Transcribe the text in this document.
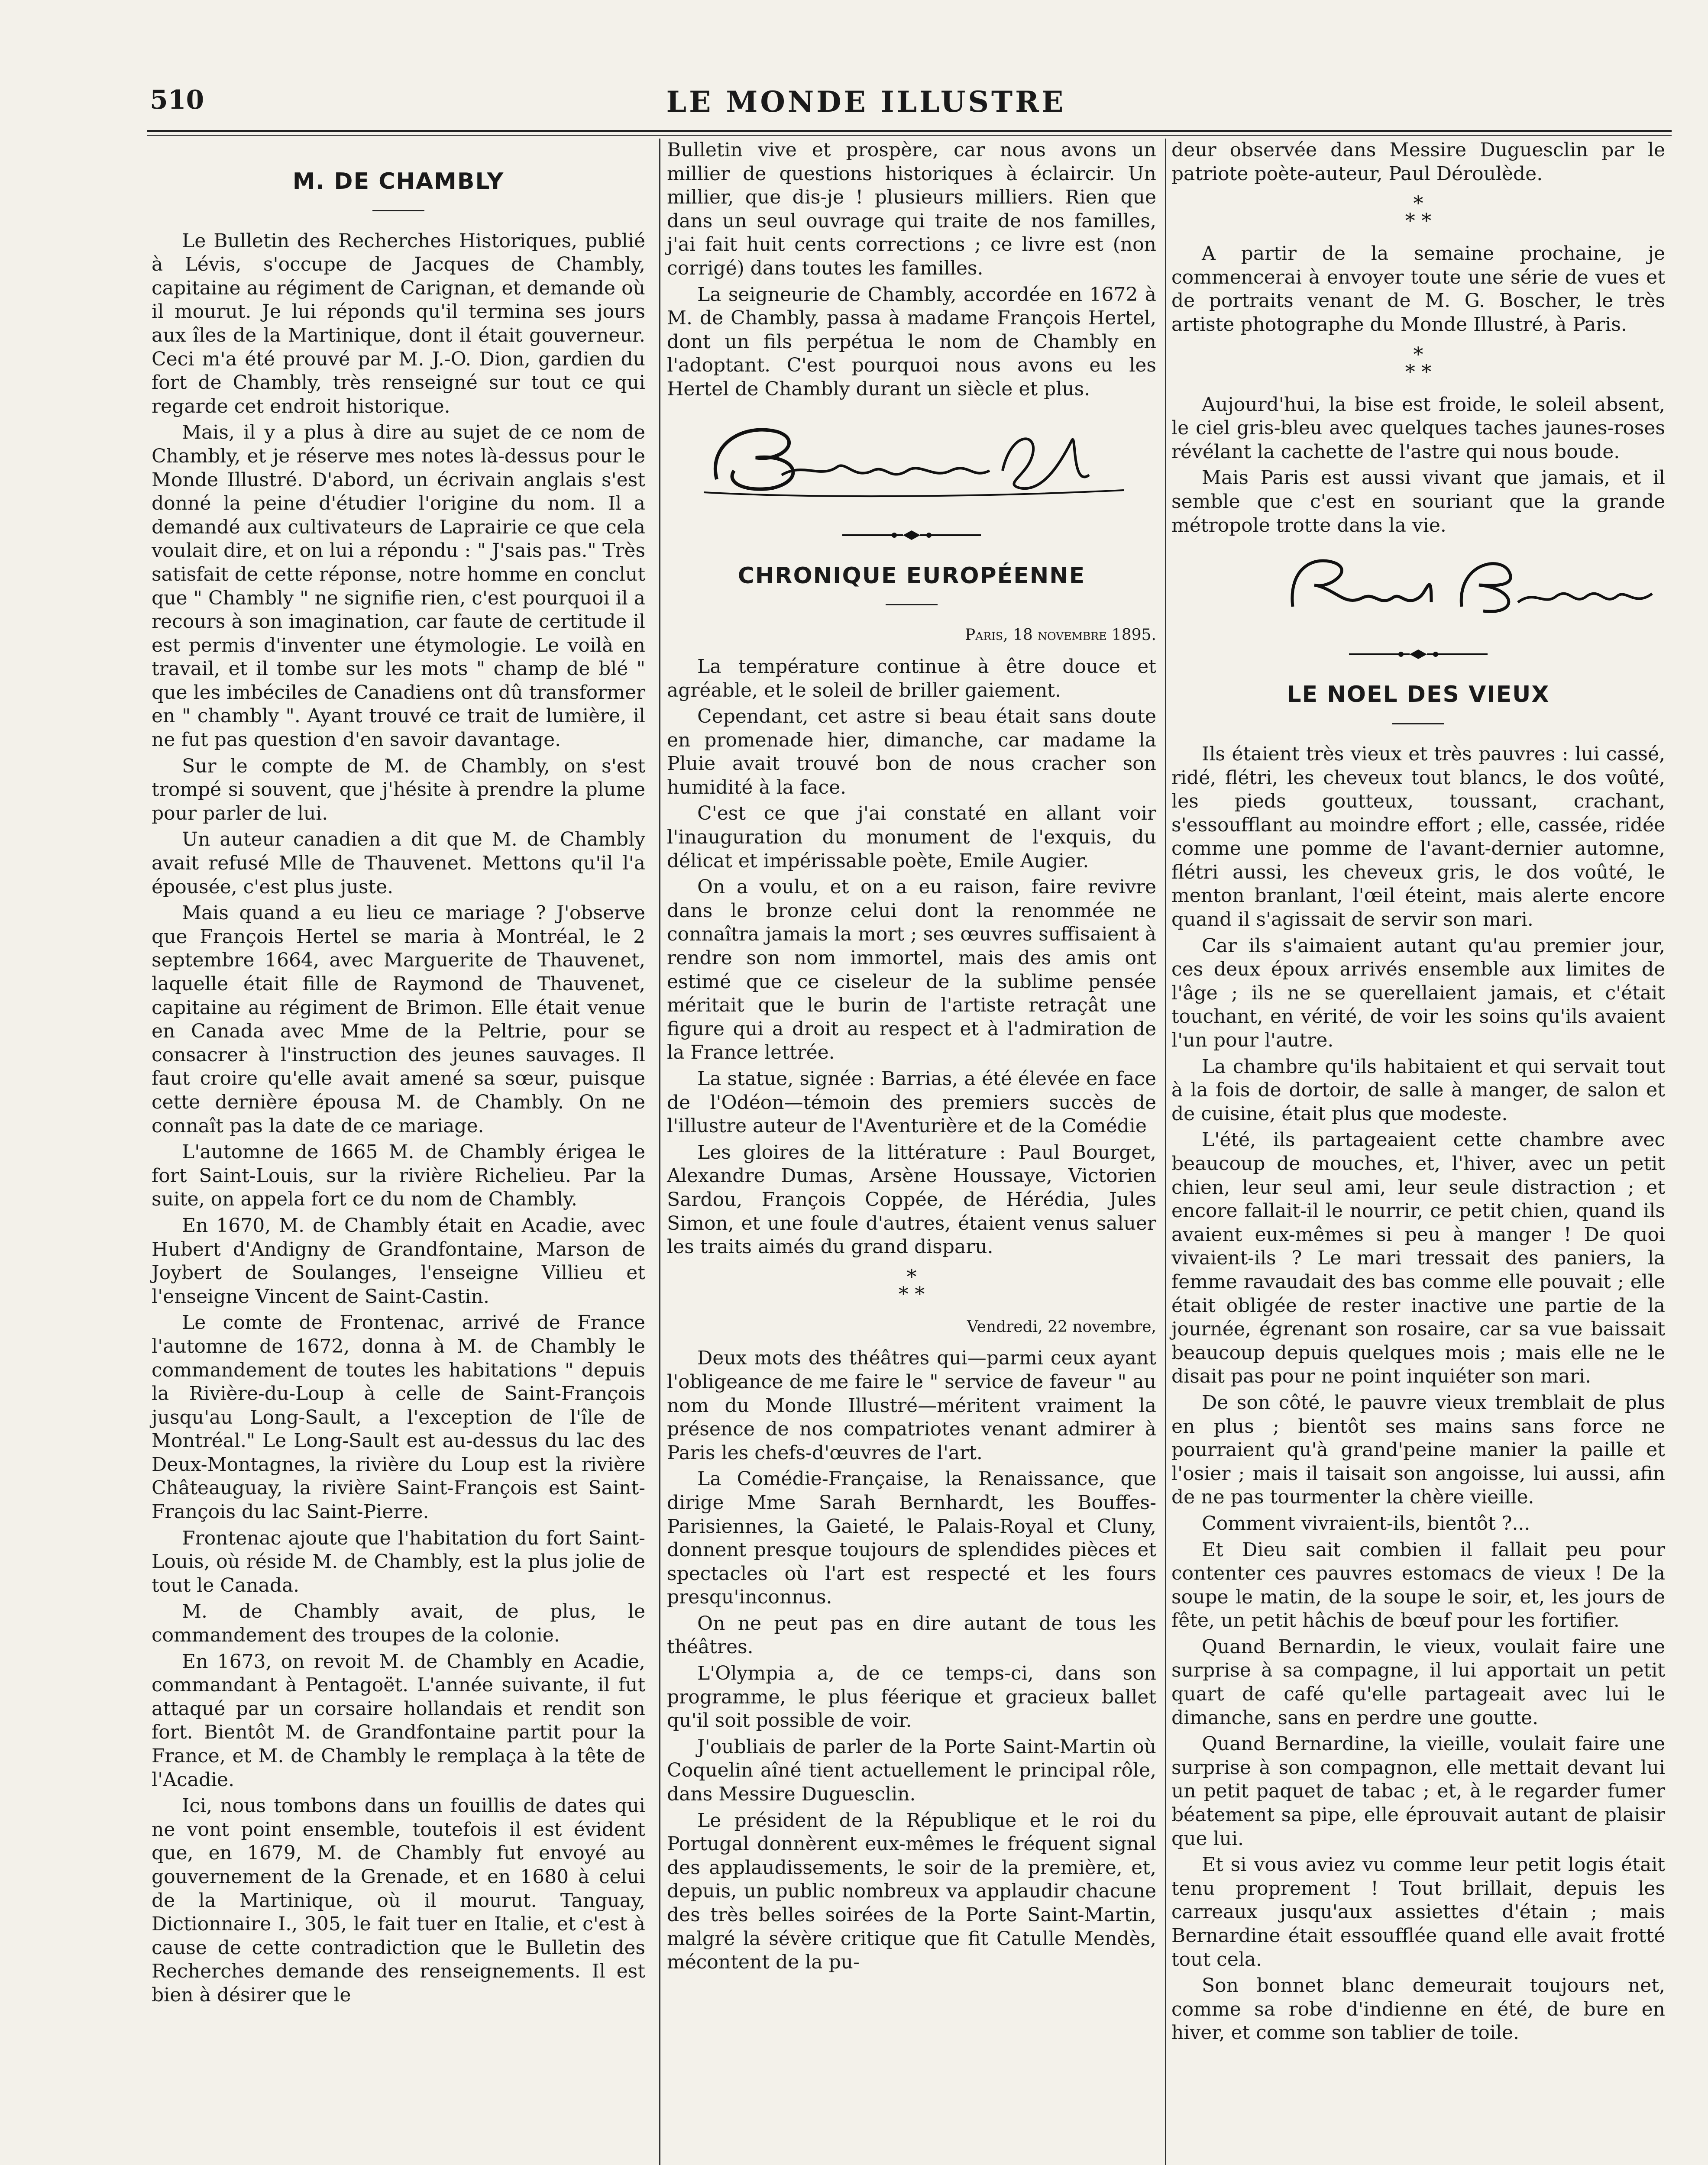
510	LE MONDE ILLUSTRE
M. DE CHAMBLY

Le Bulletin des Recherches Historiques, publié à Lévis, s'occupe de Jacques de Chambly, capitaine au régiment de Carignan, et demande où il mourut. Je lui réponds qu'il termina ses jours aux îles de la Martinique, dont il était gouverneur. Ceci m'a été prouvé par M. J.-O. Dion, gardien du fort de Chambly, très renseigné sur tout ce qui regarde cet endroit historique.

Mais, il y a plus à dire au sujet de ce nom de Chambly, et je réserve mes notes là-dessus pour le Monde Illustré. D'abord, un écrivain anglais s'est donné la peine d'étudier l'origine du nom. Il a demandé aux cultivateurs de Laprairie ce que cela voulait dire, et on lui a répondu : " J'sais pas." Très satisfait de cette réponse, notre homme en conclut que " Chambly " ne signifie rien, c'est pourquoi il a recours à son imagination, car faute de certitude il est permis d'inventer une étymologie. Le voilà en travail, et il tombe sur les mots " champ de blé " que les imbéciles de Canadiens ont dû transformer en " chambly ". Ayant trouvé ce trait de lumière, il ne fut pas question d'en savoir davantage.

Sur le compte de M. de Chambly, on s'est trompé si souvent, que j'hésite à prendre la plume pour parler de lui.

Un auteur canadien a dit que M. de Chambly avait refusé Mlle de Thauvenet. Mettons qu'il l'a épousée, c'est plus juste.

Mais quand a eu lieu ce mariage ? J'observe que François Hertel se maria à Montréal, le 2 septembre 1664, avec Marguerite de Thauvenet, laquelle était fille de Raymond de Thauvenet, capitaine au régiment de Brimon. Elle était venue en Canada avec Mme de la Peltrie, pour se consacrer à l'instruction des jeunes sauvages. Il faut croire qu'elle avait amené sa sœur, puisque cette dernière épousa M. de Chambly. On ne connaît pas la date de ce mariage.

L'automne de 1665 M. de Chambly érigea le fort Saint-Louis, sur la rivière Richelieu. Par la suite, on appela fort ce du nom de Chambly.

En 1670, M. de Chambly était en Acadie, avec Hubert d'Andigny de Grandfontaine, Marson de Joybert de Soulanges, l'enseigne Villieu et l'enseigne Vincent de Saint-Castin.

Le comte de Frontenac, arrivé de France l'automne de 1672, donna à M. de Chambly le commandement de toutes les habitations " depuis la Rivière-du-Loup à celle de Saint-François jusqu'au Long-Sault, a l'exception de l'île de Montréal." Le Long-Sault est au-dessus du lac des Deux-Montagnes, la rivière du Loup est la rivière Châteauguay, la rivière Saint-François est Saint-François du lac Saint-Pierre.

Frontenac ajoute que l'habitation du fort Saint-Louis, où réside M. de Chambly, est la plus jolie de tout le Canada.

M. de Chambly avait, de plus, le commandement des troupes de la colonie.

En 1673, on revoit M. de Chambly en Acadie, commandant à Pentagoët. L'année suivante, il fut attaqué par un corsaire hollandais et rendit son fort. Bientôt M. de Grandfontaine partit pour la France, et M. de Chambly le remplaça à la tête de l'Acadie.

Ici, nous tombons dans un fouillis de dates qui ne vont point ensemble, toutefois il est évident que, en 1679, M. de Chambly fut envoyé au gouvernement de la Grenade, et en 1680 à celui de la Martinique, où il mourut. Tanguay, Dictionnaire I., 305, le fait tuer en Italie, et c'est à cause de cette contradiction que le Bulletin des Recherches demande des renseignements. Il est bien à désirer que le

Bulletin vive et prospère, car nous avons un millier de questions historiques à éclaircir. Un millier, que dis-je ! plusieurs milliers. Rien que dans un seul ouvrage qui traite de nos familles, j'ai fait huit cents corrections ; ce livre est (non corrigé) dans toutes les familles.

La seigneurie de Chambly, accordée en 1672 à M. de Chambly, passa à madame François Hertel, dont un fils perpétua le nom de Chambly en l'adoptant. C'est pourquoi nous avons eu les Hertel de Chambly durant un siècle et plus.

CHRONIQUE EUROPÉENNE
Paris, 18 novembre 1895.

La température continue à être douce et agréable, et le soleil de briller gaiement.

Cependant, cet astre si beau était sans doute en promenade hier, dimanche, car madame la Pluie avait trouvé bon de nous cracher son humidité à la face.

C'est ce que j'ai constaté en allant voir l'inauguration du monument de l'exquis, du délicat et impérissable poète, Emile Augier.

On a voulu, et on a eu raison, faire revivre dans le bronze celui dont la renommée ne connaîtra jamais la mort ; ses œuvres suffisaient à rendre son nom immortel, mais des amis ont estimé que ce ciseleur de la sublime pensée méritait que le burin de l'artiste retraçât une figure qui a droit au respect et à l'admiration de la France lettrée.

La statue, signée : Barrias, a été élevée en face de l'Odéon—témoin des premiers succès de l'illustre auteur de l'Aventurière et de la Comédie

Les gloires de la littérature : Paul Bourget, Alexandre Dumas, Arsène Houssaye, Victorien Sardou, François Coppée, de Hérédia, Jules Simon, et une foule d'autres, étaient venus saluer les traits aimés du grand disparu.

*
* *
Vendredi, 22 novembre,

Deux mots des théâtres qui—parmi ceux ayant l'obligeance de me faire le " service de faveur " au nom du Monde Illustré—méritent vraiment la présence de nos compatriotes venant admirer à Paris les chefs-d'œuvres de l'art.

La Comédie-Française, la Renaissance, que dirige Mme Sarah Bernhardt, les Bouffes-Parisiennes, la Gaieté, le Palais-Royal et Cluny, donnent presque toujours de splendides pièces et spectacles où l'art est respecté et les fours presqu'inconnus.

On ne peut pas en dire autant de tous les théâtres.

L'Olympia a, de ce temps-ci, dans son programme, le plus féerique et gracieux ballet qu'il soit possible de voir.

J'oubliais de parler de la Porte Saint-Martin où Coquelin aîné tient actuellement le principal rôle, dans Messire Duguesclin.

Le président de la République et le roi du Portugal donnèrent eux-mêmes le fréquent signal des applaudissements, le soir de la première, et, depuis, un public nombreux va applaudir chacune des très belles soirées de la Porte Saint-Martin, malgré la sévère critique que fit Catulle Mendès, mécontent de la pu-

deur observée dans Messire Duguesclin par le patriote poète-auteur, Paul Déroulède.

*
* *

A partir de la semaine prochaine, je commencerai à envoyer toute une série de vues et de portraits venant de M. G. Boscher, le très artiste photographe du Monde Illustré, à Paris.

*
* *

Aujourd'hui, la bise est froide, le soleil absent, le ciel gris-bleu avec quelques taches jaunes-roses révélant la cachette de l'astre qui nous boude.

Mais Paris est aussi vivant que jamais, et il semble que c'est en souriant que la grande métropole trotte dans la vie.

LE NOEL DES VIEUX

Ils étaient très vieux et très pauvres : lui cassé, ridé, flétri, les cheveux tout blancs, le dos voûté, les pieds goutteux, toussant, crachant, s'essoufflant au moindre effort ; elle, cassée, ridée comme une pomme de l'avant-dernier automne, flétri aussi, les cheveux gris, le dos voûté, le menton branlant, l'œil éteint, mais alerte encore quand il s'agissait de servir son mari.

Car ils s'aimaient autant qu'au premier jour, ces deux époux arrivés ensemble aux limites de l'âge ; ils ne se querellaient jamais, et c'était touchant, en vérité, de voir les soins qu'ils avaient l'un pour l'autre.

La chambre qu'ils habitaient et qui servait tout à la fois de dortoir, de salle à manger, de salon et de cuisine, était plus que modeste.

L'été, ils partageaient cette chambre avec beaucoup de mouches, et, l'hiver, avec un petit chien, leur seul ami, leur seule distraction ; et encore fallait-il le nourrir, ce petit chien, quand ils avaient eux-mêmes si peu à manger ! De quoi vivaient-ils ? Le mari tressait des paniers, la femme ravaudait des bas comme elle pouvait ; elle était obligée de rester inactive une partie de la journée, égrenant son rosaire, car sa vue baissait beaucoup depuis quelques mois ; mais elle ne le disait pas pour ne point inquiéter son mari.

De son côté, le pauvre vieux tremblait de plus en plus ; bientôt ses mains sans force ne pourraient qu'à grand'peine manier la paille et l'osier ; mais il taisait son angoisse, lui aussi, afin de ne pas tourmenter la chère vieille.

Comment vivraient-ils, bientôt ?...

Et Dieu sait combien il fallait peu pour contenter ces pauvres estomacs de vieux ! De la soupe le matin, de la soupe le soir, et, les jours de fête, un petit hâchis de bœuf pour les fortifier.

Quand Bernardin, le vieux, voulait faire une surprise à sa compagne, il lui apportait un petit quart de café qu'elle partageait avec lui le dimanche, sans en perdre une goutte.

Quand Bernardine, la vieille, voulait faire une surprise à son compagnon, elle mettait devant lui un petit paquet de tabac ; et, à le regarder fumer béatement sa pipe, elle éprouvait autant de plaisir que lui.

Et si vous aviez vu comme leur petit logis était tenu proprement ! Tout brillait, depuis les carreaux jusqu'aux assiettes d'étain ; mais Bernardine était essoufflée quand elle avait frotté tout cela.

Son bonnet blanc demeurait toujours net, comme sa robe d'indienne en été, de bure en hiver, et comme son tablier de toile.
